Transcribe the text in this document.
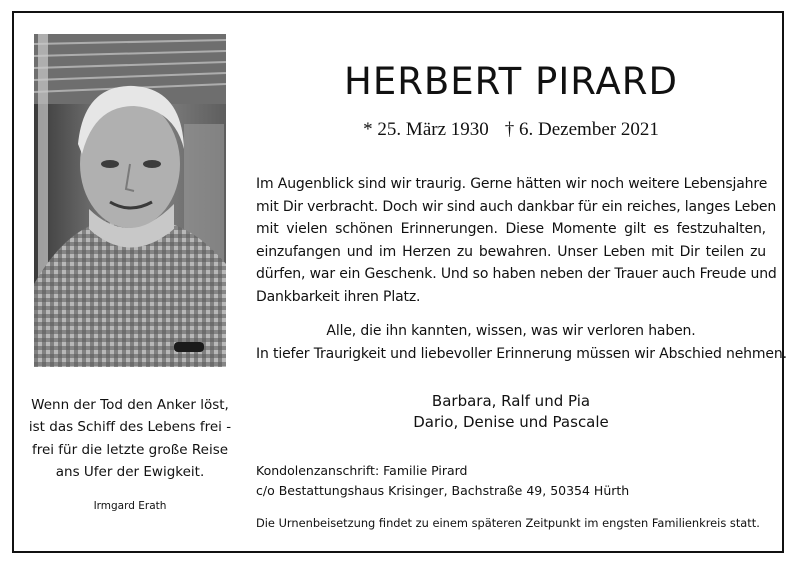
Wenn der Tod den Anker löst,
ist das Schiff des Lebens frei -
frei für die letzte große Reise
ans Ufer der Ewigkeit.
Irmgard Erath
HERBERT PIRARD
* 25. März 1930 † 6. Dezember 2021
Im Augenblick sind wir traurig. Gerne hätten wir noch weitere Lebensjahre
mit Dir verbracht. Doch wir sind auch dankbar für ein reiches, langes Leben
mit vielen schönen Erinnerungen. Diese Momente gilt es festzuhalten,
einzufangen und im Herzen zu bewahren. Unser Leben mit Dir teilen zu
dürfen, war ein Geschenk. Und so haben neben der Trauer auch Freude und
Dankbarkeit ihren Platz.
Alle, die ihn kannten, wissen, was wir verloren haben.
In tiefer Traurigkeit und liebevoller Erinnerung müssen wir Abschied nehmen.
Barbara, Ralf und Pia
Dario, Denise und Pascale
Kondolenzanschrift: Familie Pirard
c/o Bestattungshaus Krisinger, Bachstraße 49, 50354 Hürth
Die Urnenbeisetzung findet zu einem späteren Zeitpunkt im engsten Familienkreis statt.
